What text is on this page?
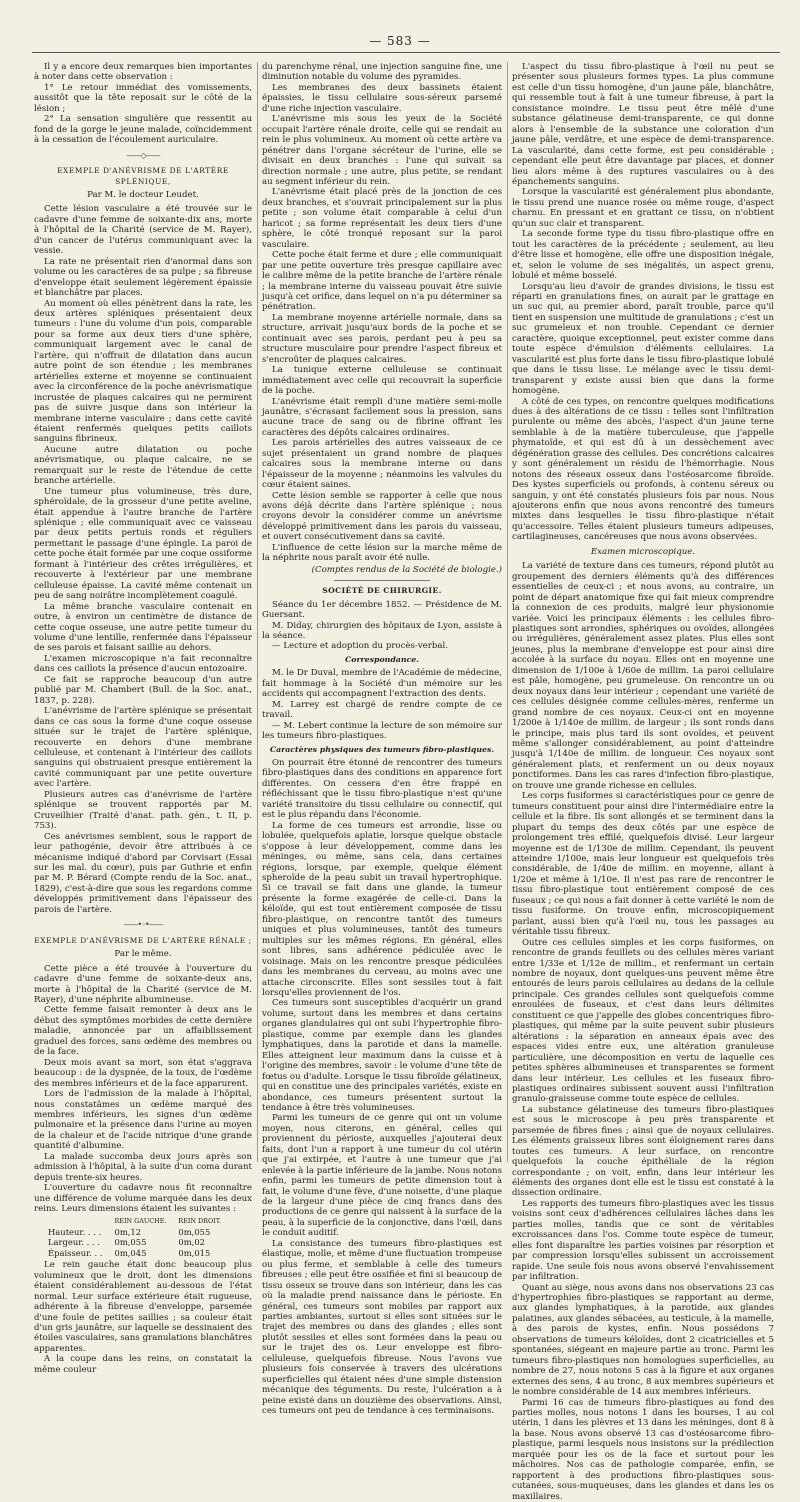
— 583 —

Il y a encore deux remarques bien importantes à noter dans cette observation :

1° Le retour immédiat des vomissements, aussitôt que la tête reposait sur le côté de la lésion ;

2° La sensation singulière que ressentit au fond de la gorge le jeune malade, coïncidemment à la cessation de l'écoulement auriculaire.

——◇——
EXEMPLE D'ANÉVRISME DE L'ARTÈRE SPLÉNIQUE,
Par M. le docteur Leudet.

Cette lésion vasculaire a été trouvée sur le cadavre d'une femme de soixante-dix ans, morte à l'hôpital de la Charité (service de M. Rayer), d'un cancer de l'utérus communiquant avec la vessie.

La rate ne présentait rien d'anormal dans son volume ou les caractères de sa pulpe ; sa fibreuse d'enveloppe était seulement légèrement épaissie et blanchâtre par places.

Au moment où elles pénètrent dans la rate, les deux artères spléniques présentaient deux tumeurs : l'une du volume d'un pois, comparable pour sa forme aux deux tiers d'une sphère, communiquait largement avec le canal de l'artère, qui n'offrait de dilatation dans aucun autre point de son étendue ; les membranes artérielles externe et moyenne se continuaient avec la circonférence de la poche anévrismatique incrustée de plaques calcaires qui ne permirent pas de suivre jusque dans son intérieur la membrane interne vasculaire ; dans cette cavité étaient renfermés quelques petits caillots sanguins fibrineux.

Aucune autre dilatation ou poche anévrismatique, ou plaque calcaire, ne se remarquait sur le reste de l'étendue de cette branche artérielle.

Une tumeur plus volumineuse, très dure, sphéroïdale, de la grosseur d'une petite aveline, était appendue à l'autre branche de l'artère splénique ; elle communiquait avec ce vaisseau par deux petits pertuis ronds et réguliers permettant le passage d'une épingle. La paroi de cette poche était formée par une coque ossiforme formant à l'intérieur des crêtes irrégulières, et recouverte à l'extérieur par une membrane celluleuse épaisse. La cavité même contenait un peu de sang noirâtre incomplètement coagulé.

La même branche vasculaire contenait en outre, à environ un centimètre de distance de cette coque osseuse, une autre petite tumeur du volume d'une lentille, renfermée dans l'épaisseur de ses parois et faisant saillie au dehors.

L'examen microscopique n'a fait reconnaître dans ces caillots la présence d'aucun entozoaire.

Ce fait se rapproche beaucoup d'un autre publié par M. Chambert (Bull. de la Soc. anat., 1837, p. 228).

L'anévrisme de l'artère splénique se présentait dans ce cas sous la forme d'une coque osseuse située sur le trajet de l'artère splénique, recouverte en dehors d'une membrane celluleuse, et contenant à l'intérieur des caillots sanguins qui obstruaient presque entièrement la cavité communiquant par une petite ouverture avec l'artère.

Plusieurs autres cas d'anévrisme de l'artère splénique se trouvent rapportés par M. Cruveilhier (Traité d'anat. path. gén., t. II, p. 753).

Ces anévrismes semblent, sous le rapport de leur pathogénie, devoir être attribués à ce mécanisme indiqué d'abord par Corvisart (Essai sur les mal. du cœur), puis par Guthrie et enfin par M. P. Bérard (Compte rendu de la Soc. anat., 1829), c'est-à-dire que sous les regardons comme développés primitivement dans l'épaisseur des parois de l'artère.

——•◦•——
EXEMPLE D'ANÉVRISME DE L'ARTÈRE RÉNALE ;
Par le même.

Cette pièce a été trouvée à l'ouverture du cadavre d'une femme de soixante-deux ans, morte à l'hôpital de la Charité (service de M. Rayer), d'une néphrite albumineuse.

Cette femme faisait remonter à deux ans le début des symptômes morbides de cette dernière maladie, annoncée par un affaiblissement graduel des forces, sans œdème des membres ou de la face.

Deux mois avant sa mort, son état s'aggrava beaucoup : de la dyspnée, de la toux, de l'œdème des membres inférieurs et de la face apparurent.

Lors de l'admission de la malade à l'hôpital, nous constatâmes un œdème marqué des membres inférieurs, les signes d'un œdème pulmonaire et la présence dans l'urine au moyen de la chaleur et de l'acide nitrique d'une grande quantité d'albumine.

La malade succomba deux jours après son admission à l'hôpital, à la suite d'un coma durant depuis trente-six heures.

L'ouverture du cadavre nous fit reconnaître une différence de volume marquée dans les deux reins. Leurs dimensions étaient les suivantes :

	REIN GAUCHE.	REIN DROIT.
Hauteur. . . .	0m,12	0m,055
Largeur. . . .	0m,055	0m,02
Épaisseur. . .	0m,045	0m,015

Le rein gauche était donc beaucoup plus volumineux que le droit, dont les dimensions étaient considérablement au-dessous de l'état normal. Leur surface extérieure était rugueuse, adhérente à la fibreuse d'enveloppe, parsemée d'une foule de petites saillies ; sa couleur était d'un gris jaunâtre, sur laquelle se dessinaient des étoiles vasculaires, sans granulations blanchâtres apparentes.

A la coupe dans les reins, on constatait la même couleur

du parenchyme rénal, une injection sanguine fine, une diminution notable du volume des pyramides.

Les membranes des deux bassinets étaient épaissies, le tissu cellulaire sous-séreux parsemé d'une riche injection vasculaire.

L'anévrisme mis sous les yeux de la Société occupait l'artère rénale droite, celle qui se rendait au rein le plus volumineux. Au moment où cette artère va pénétrer dans l'organe sécréteur de l'urine, elle se divisait en deux branches : l'une qui suivait sa direction normale ; une autre, plus petite, se rendant au segment inférieur du rein.

L'anévrisme était placé près de la jonction de ces deux branches, et s'ouvrait principalement sur la plus petite ; son volume était comparable à celui d'un haricot ; sa forme représentait les deux tiers d'une sphère, le côté tronqué reposant sur la paroi vasculaire.

Cette poche était ferme et dure ; elle communiquait par une petite ouverture très presque capillaire avec le calibre même de la petite branche de l'artère rénale ; la membrane interne du vaisseau pouvait être suivie jusqu'à cet orifice, dans lequel on n'a pu déterminer sa pénétration.

La membrane moyenne artérielle normale, dans sa structure, arrivait jusqu'aux bords de la poche et se continuait avec ses parois, perdant peu à peu sa structure musculaire pour prendre l'aspect fibreux et s'encroûter de plaques calcaires.

La tunique externe celluleuse se continuait immédiatement avec celle qui recouvrait la superficie de la poche.

L'anévrisme était rempli d'une matière semi-molle jaunâtre, s'écrasant facilement sous la pression, sans aucune trace de sang ou de fibrine offrant les caractères des dépôts calcaires ordinaires.

Les parois artérielles des autres vaisseaux de ce sujet présentaient un grand nombre de plaques calcaires sous la membrane interne ou dans l'épaisseur de la moyenne ; néanmoins les valvules du cœur étaient saines.

Cette lésion semble se rapporter à celle que nous avons déjà décrite dans l'artère splénique ; nous croyons devoir la considérer comme un anévrisme développé primitivement dans les parois du vaisseau, et ouvert consécutivement dans sa cavité.

L'influence de cette lésion sur la marche même de la néphrite nous paraît avoir été nulle.

(Comptes rendus de la Société de biologie.)
SOCIÉTÉ DE CHIRURGIE.

Séance du 1er décembre 1852. — Présidence de M. Guersant.

M. Diday, chirurgien des hôpitaux de Lyon, assiste à la séance.

— Lecture et adoption du procès-verbal.

Correspondance.

M. le Dr Duval, membre de l'Académie de médecine, fait hommage à la Société d'un mémoire sur les accidents qui accompagnent l'extraction des dents.

M. Larrey est chargé de rendre compte de ce travail.

— M. Lebert continue la lecture de son mémoire sur les tumeurs fibro-plastiques.

Caractères physiques des tumeurs fibro-plastiques.

On pourrait être étonné de rencontrer des tumeurs fibro-plastiques dans des conditions en apparence fort différentes. On cessera d'en être frappé en réfléchissant que le tissu fibro-plastique n'est qu'une variété transitoire du tissu cellulaire ou connectif, qui est le plus répandu dans l'économie.

La forme de ces tumeurs est arrondie, lisse ou lobulée, quelquefois aplatie, lorsque quelque obstacle s'oppose à leur développement, comme dans les méninges, ou même, sans cela, dans certaines régions, lorsque, par exemple, quelque élément spheroïde de la peau subit un travail hypertrophique. Si ce travail se fait dans une glande, la tumeur présente la forme exagérée de celle-ci. Dans la kéloïde, qui est tout entièrement composée de tissu fibro-plastique, on rencontre tantôt des tumeurs uniques et plus volumineuses, tantôt des tumeurs multiples sur les mêmes régions. En général, elles sont libres, sans adhérence pédiculée avec le voisinage. Mais on les rencontre presque pédiculées dans les membranes du cerveau, au moins avec une attache circonscrite. Elles sont sessiles tout à fait lorsqu'elles proviennent de l'os.

Ces tumeurs sont susceptibles d'acquérir un grand volume, surtout dans les membres et dans certains organes glandulaires qui ont subi l'hypertrophie fibro-plastique, comme par exemple dans les glandes lymphatiques, dans la parotide et dans la mamelle. Elles atteignent leur maximum dans la cuisse et à l'origine des membres, savoir : le volume d'une tête de fœtus ou d'adulte. Lorsque le tissu fibroïde gélatineux, qui en constitue une des principales variétés, existe en abondance, ces tumeurs présentent surtout la tendance à être très volumineuses.

Parmi les tumeurs de ce genre qui ont un volume moyen, nous citerons, en général, celles qui proviennent du périoste, auxquelles j'ajouterai deux faits, dont l'un a rapport à une tumeur du col utérin que j'ai extirpée, et l'autre à une tumeur que j'ai enlevée à la partie inférieure de la jambe. Nous notons enfin, parmi les tumeurs de petite dimension tout à fait, le volume d'une fève, d'une noisette, d'une plaque de la largeur d'une pièce de cinq francs dans des productions de ce genre qui naissent à la surface de la peau, à la superficie de la conjonctive, dans l'œil, dans le conduit auditif.

La consistance des tumeurs fibro-plastiques est élastique, molle, et même d'une fluctuation trompeuse ou plus ferme, et semblable à celle des tumeurs fibreuses ; elle peut être ossifiée et fini si beaucoup de tissu osseux se trouve dans son intérieur, dans les cas où la maladie prend naissance dans le périoste. En général, ces tumeurs sont mobiles par rapport aux parties ambiantes, surtout si elles sont situées sur le trajet des membres ou dans des glandes ; elles sont plutôt sessiles et elles sont formées dans la peau ou sur le trajet des os. Leur enveloppe est fibro-celluleuse, quelquefois fibreuse. Nous l'avons vue plusieurs fois conservée à travers des ulcérations superficielles qui étaient nées d'une simple distension mécanique des téguments. Du reste, l'ulcération a à peine existé dans un douzième des observations. Ainsi, ces tumeurs ont peu de tendance à ces terminaisons.

L'aspect du tissu fibro-plastique à l'œil nu peut se présenter sous plusieurs formes types. La plus commune est celle d'un tissu homogène, d'un jaune pâle, blanchâtre, qui ressemble tout à fait à une tumeur fibreuse, à part la consistance moindre. Le tissu peut être mêlé d'une substance gélatineuse demi-transparente, ce qui donne alors à l'ensemble de la substance une coloration d'un jaune pâle, verdâtre, et une espèce de demi-transparence. La vascularité, dans cette forme, est peu considérable ; cependant elle peut être davantage par places, et donner lieu alors même à des ruptures vasculaires ou à des épanchements sanguins.

Lorsque la vascularité est généralement plus abondante, le tissu prend une nuance rosée ou même rouge, d'aspect charnu. En pressant et en grattant ce tissu, on n'obtient qu'un suc clair et transparent.

La seconde forme type du tissu fibro-plastique offre en tout les caractères de la précédente ; seulement, au lieu d'être lisse et homogène, elle offre une disposition inégale, et, selon le volume de ses inégalités, un aspect grenu, lobulé et même bosselé.

Lorsqu'au lieu d'avoir de grandes divisions, le tissu est réparti en granulations fines, on aurait par le grattage en un suc qui, au premier abord, paraît trouble, parce qu'il tient en suspension une multitude de granulations ; c'est un suc grumeleux et non trouble. Cependant ce dernier caractère, quoique exceptionnel, peut exister comme dans toute espèce d'émulsion d'éléments cellulaires. La vascularité est plus forte dans le tissu fibro-plastique lobulé que dans le tissu lisse. Le mélange avec le tissu demi-transparent y existe aussi bien que dans la forme homogène.

A côté de ces types, on rencontre quelques modifications dues à des altérations de ce tissu : telles sont l'infiltration purulente ou même des abcès, l'aspect d'un jaune terne semblable à de la matière tuberculeuse, que j'appelle phymatoïde, et qui est dû à un dessèchement avec dégénération grasse des cellules. Des concrétions calcaires y sont généralement un résidu de l'hémorrhagie. Nous notons des réseaux osseux dans l'ostéosarcome fibroïde. Des kystes superficiels ou profonds, à contenu séreux ou sanguin, y ont été constatés plusieurs fois par nous. Nous ajouterons enfin que nous avons rencontré des tumeurs mixtes dans lesquelles le tissu fibro-plastique n'était qu'accessoire. Telles étaient plusieurs tumeurs adipeuses, cartilagineuses, cancéreuses que nous avons observées.

Examen microscopique.

La variété de texture dans ces tumeurs, répond plutôt au groupement des derniers éléments qu'à des différences essentielles de ceux-ci ; et nous avons, au contraire, un point de départ anatomique fixe qui fait mieux comprendre la connexion de ces produits, malgré leur physionomie variée. Voici les principaux éléments : les cellules fibro-plastiques sont arrondies, sphériques ou ovoïdes, allongées ou irrégulières, généralement assez plates. Plus elles sont jeunes, plus la membrane d'enveloppe est pour ainsi dire accolée à la surface du noyau. Elles ont en moyenne une dimension de 1/100e à 1/60e de millim. La paroi cellulaire est pâle, homogène, peu grumeleuse. On rencontre un ou deux noyaux dans leur intérieur ; cependant une variété de ces cellules désignée comme cellules-mères, renferme un grand nombre de ces noyaux. Ceux-ci ont en moyenne 1/200e à 1/140e de millim. de largeur ; ils sont ronds dans le principe, mais plus tard ils sont ovoïdes, et peuvent même s'allonger considérablement, au point d'atteindre jusqu'à 1/140e de millim. de longueur. Ces noyaux sont généralement plats, et renferment un ou deux noyaux ponctiformes. Dans les cas rares d'infection fibro-plastique, on trouve une grande richesse en cellules.

Les corps fusiformes si caractéristiques pour ce genre de tumeurs constituent pour ainsi dire l'intermédiaire entre la cellule et la fibre. Ils sont allongés et se terminent dans la plupart du temps des deux côtés par une espèce de prolongement très effilé, quelquefois divisé. Leur largeur moyenne est de 1/130e de millim. Cependant, ils peuvent atteindre 1/100e, mais leur longueur est quelquefois très considérable, de 1/40e de millim. en moyenne, allant à 1/20e et même à 1/10e. Il n'est pas rare de rencontrer le tissu fibro-plastique tout entièrement composé de ces fuseaux ; ce qui nous a fait donner à cette variété le nom de tissu fusiforme. On trouve enfin, microscopiquement parlant, aussi bien qu'à l'œil nu, tous les passages au véritable tissu fibreux.

Outre ces cellules simples et les corps fusiformes, on rencontre de grands feuillets ou des cellules mères variant entre 1/33e et 1/12e de millim., et renfermant un certain nombre de noyaux, dont quelques-uns peuvent même être entourés de leurs parois cellulaires au dedans de la cellule principale. Ces grandes cellules sont quelquefois comme enroulées de fuseaux, et c'est dans leurs délimites constituent ce que j'appelle des globes concentriques fibro-plastiques, qui même par la suite peuvent subir plusieurs altérations : la séparation en anneaux épais avec des espaces vides entre eux, une altération granuleuse particulière, une décomposition en vertu de laquelle ces petites sphères albumineuses et transparentes se forment dans leur intérieur. Les cellules et les fuseaux fibro-plastiques ordinaires subissent souvent aussi l'infiltration granulo-graisseuse comme toute espèce de cellules.

La substance gélatineuse des tumeurs fibro-plastiques est sous le microscope à peu près transparente et parsemée de fibres fines ; ainsi que de noyaux cellulaires. Les éléments graisseux libres sont éloignement rares dans toutes ces tumeurs. A leur surface, on rencontre quelquefois la couche épithéliale de la région correspondante ; on voit, enfin, dans leur intérieur les éléments des organes dont elle est le tissu est constaté à la dissection ordinaire.

Les rapports des tumeurs fibro-plastiques avec les tissus voisins sont ceux d'adhérences cellulaires lâches dans les parties molles, tandis que ce sont de véritables excroissances dans l'os. Comme toute espèce de tumeur, elles font disparaître les parties voisines par résorption et par compression lorsqu'elles subissent un accroissement rapide. Une seule fois nous avons observé l'envahissement par infiltration.

Quant au siège, nous avons dans nos observations 23 cas d'hypertrophies fibro-plastiques se rapportant au derme, aux glandes lymphatiques, à la parotide, aux glandes palatines, aux glandes sébacées, au testicule, à la mamelle, à des parois de kystes, enfin. Nous possédons 7 observations de tumeurs kéloïdes, dont 2 cicatricielles et 5 spontanées, siégeant en majeure partie au tronc. Parmi les tumeurs fibro-plastiques non homologues superficielles, au nombre de 27, nous notons 5 cas à la figure et aux organes externes des sens, 4 au tronc, 8 aux membres supérieurs et le nombre considérable de 14 aux membres inférieurs.

Parmi 16 cas de tumeurs fibro-plastiques au fond des parties molles, nous notons 1 dans les bourses, 1 au col utérin, 1 dans les plèvres et 13 dans les méninges, dont 8 à la base. Nous avons observé 13 cas d'ostéosarcome fibro-plastique, parmi lesquels nous insistons sur la prédilection marquée pour les os de la face et surtout pour les mâchoires. Nos cas de pathologie comparée, enfin, se rapportent à des productions fibro-plastiques sous-cutanées, sous-muqueuses, dans les glandes et dans les os maxillaires.
